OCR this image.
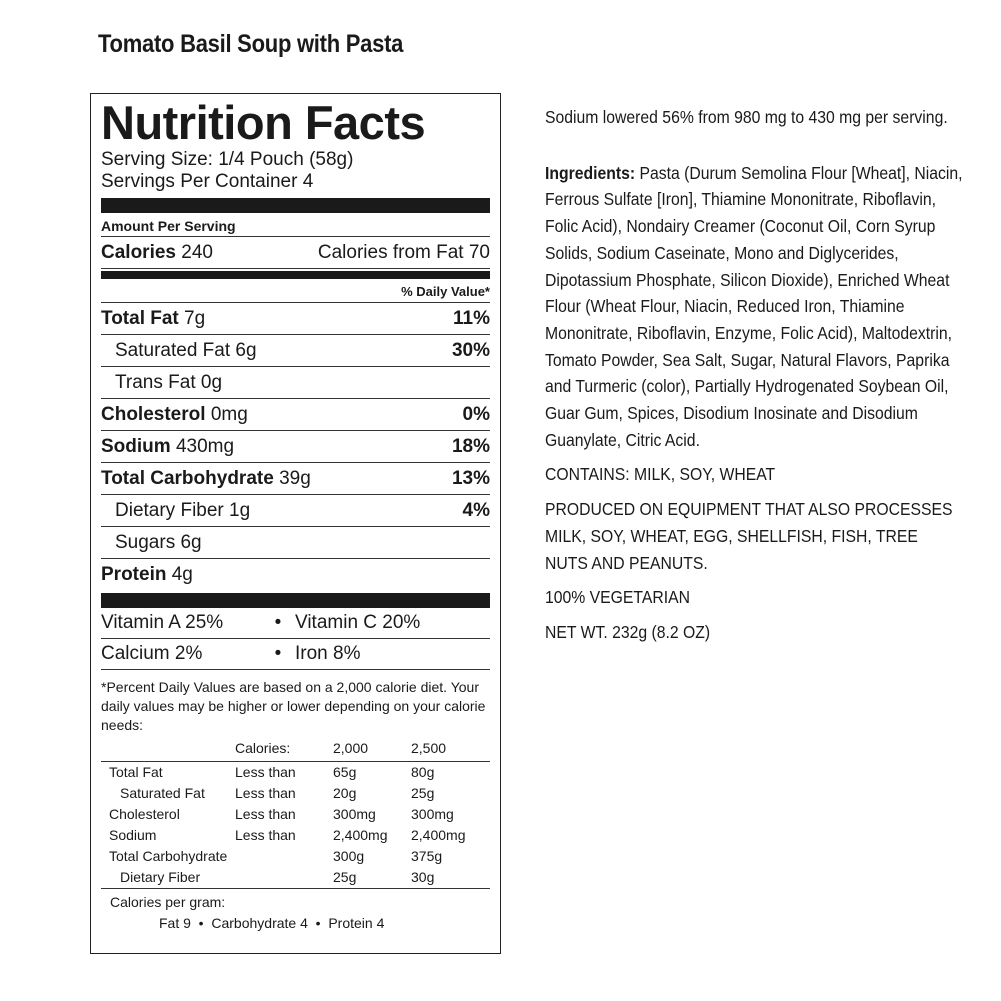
Tomato Basil Soup with Pasta
Nutrition Facts
Serving Size: 1/4 Pouch (58g)
Servings Per Container 4
Amount Per Serving
Calories 240	Calories from Fat 70
% Daily Value*
Total Fat 7g	11%
Saturated Fat 6g	30%
Trans Fat 0g
Cholesterol 0mg	0%
Sodium 430mg	18%
Total Carbohydrate 39g	13%
Dietary Fiber 1g	4%
Sugars 6g
Protein 4g
Vitamin A 25%	• Vitamin C 20%
Calcium 2%	• Iron 8%
*Percent Daily Values are based on a 2,000 calorie diet. Your daily values may be higher or lower depending on your calorie needs:
	Calories:	2,000	2,500
Total Fat	Less than	65g	80g
Saturated Fat	Less than	20g	25g
Cholesterol	Less than	300mg	300mg
Sodium	Less than	2,400mg	2,400mg
Total Carbohydrate		300g	375g
Dietary Fiber		25g	30g
Calories per gram:
Fat 9  •  Carbohydrate 4  •  Protein 4

Sodium lowered 56% from 980 mg to 430 mg per serving.

Ingredients: Pasta (Durum Semolina Flour [Wheat], Niacin, Ferrous Sulfate [Iron], Thiamine Mononitrate, Riboflavin, Folic Acid), Nondairy Creamer (Coconut Oil, Corn Syrup Solids, Sodium Caseinate, Mono and Diglycerides, Dipotassium Phosphate, Silicon Dioxide), Enriched Wheat Flour (Wheat Flour, Niacin, Reduced Iron, Thiamine Mononitrate, Riboflavin, Enzyme, Folic Acid), Maltodextrin, Tomato Powder, Sea Salt, Sugar, Natural Flavors, Paprika and Turmeric (color), Partially Hydrogenated Soybean Oil, Guar Gum, Spices, Disodium Inosinate and Disodium Guanylate, Citric Acid.

CONTAINS: MILK, SOY, WHEAT

PRODUCED ON EQUIPMENT THAT ALSO PROCESSES MILK, SOY, WHEAT, EGG, SHELLFISH, FISH, TREE NUTS AND PEANUTS.

100% VEGETARIAN

NET WT. 232g (8.2 OZ)
